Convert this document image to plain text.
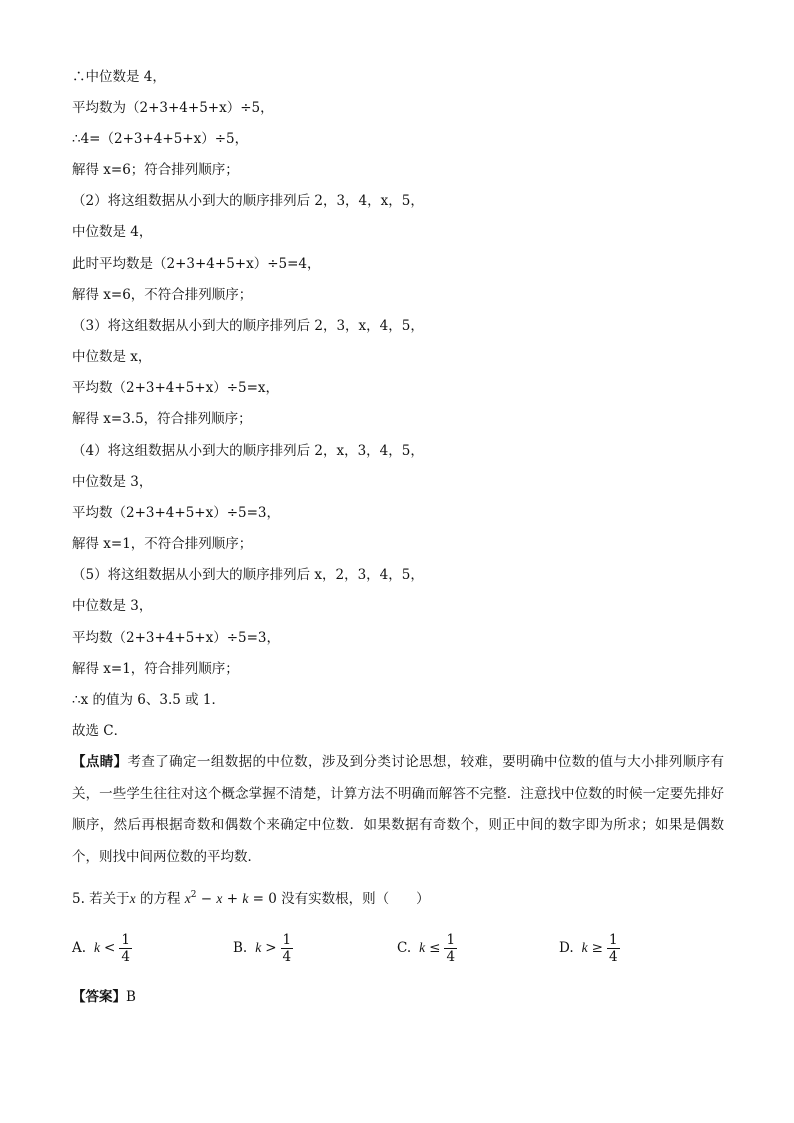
∴中位数是 4，
平均数为（2+3+4+5+x）÷5，
∴4=（2+3+4+5+x）÷5，
解得 x=6；符合排列顺序；
（2）将这组数据从小到大的顺序排列后 2，3，4，x，5，
中位数是 4，
此时平均数是（2+3+4+5+x）÷5=4，
解得 x=6，不符合排列顺序；
（3）将这组数据从小到大的顺序排列后 2，3，x，4，5，
中位数是 x，
平均数（2+3+4+5+x）÷5=x，
解得 x=3.5，符合排列顺序；
（4）将这组数据从小到大的顺序排列后 2，x，3，4，5，
中位数是 3，
平均数（2+3+4+5+x）÷5=3，
解得 x=1，不符合排列顺序；
（5）将这组数据从小到大的顺序排列后 x，2，3，4，5，
中位数是 3，
平均数（2+3+4+5+x）÷5=3，
解得 x=1，符合排列顺序；
∴x 的值为 6、3.5 或 1．
故选 C．
【点睛】考查了确定一组数据的中位数，涉及到分类讨论思想，较难，要明确中位数的值与大小排列顺序有关，一些学生往往对这个概念掌握不清楚，计算方法不明确而解答不完整．注意找中位数的时候一定要先排好顺序，然后再根据奇数和偶数个来确定中位数．如果数据有奇数个，则正中间的数字即为所求；如果是偶数个，则找中间两位数的平均数．
5. 若关于x 的方程 $x^2 - x + k = 0$ 没有实数根，则（　　）
A. $k < \frac{1}{4}$	B. $k > \frac{1}{4}$	C. $k \le \frac{1}{4}$	D. $k \ge \frac{1}{4}$
【答案】B
